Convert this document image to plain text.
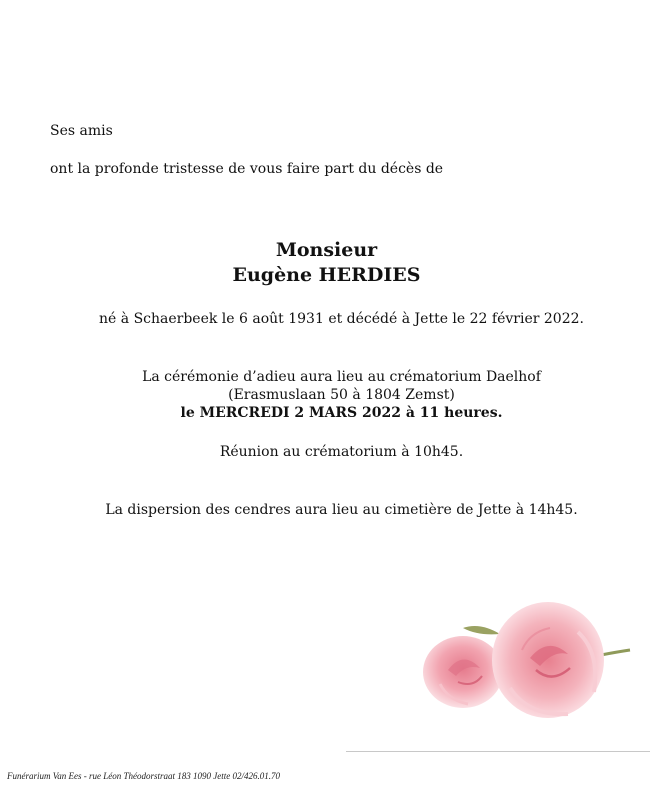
Ses amis
ont la profonde tristesse de vous faire part du décès de
Monsieur
Eugène HERDIES
né à Schaerbeek le 6 août 1931 et décédé à Jette le 22 février 2022.
La cérémonie d’adieu aura lieu au crématorium Daelhof
(Erasmuslaan 50 à 1804 Zemst)
le MERCREDI 2 MARS 2022 à 11 heures.
Réunion au crématorium à 10h45.
La dispersion des cendres aura lieu au cimetière de Jette à 14h45.
Funérarium Van Ees - rue Léon Théodorstraat 183 1090 Jette 02/426.01.70
